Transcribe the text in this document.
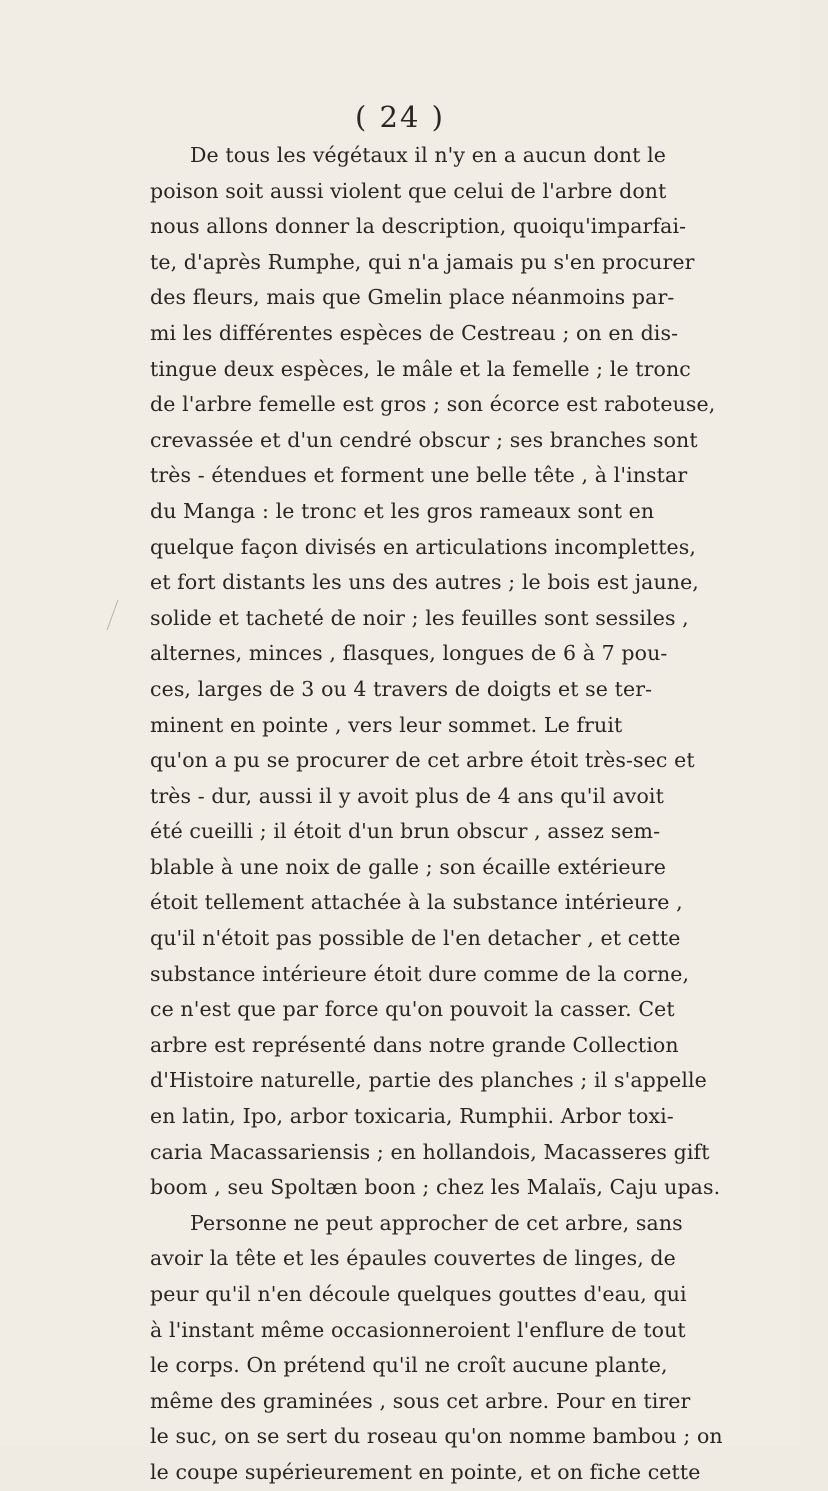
( 24 )
De tous les végétaux il n'y en a aucun dont le
poison soit aussi violent que celui de l'arbre dont
nous allons donner la description, quoiqu'imparfai-
te, d'après Rumphe, qui n'a jamais pu s'en procurer
des fleurs, mais que Gmelin place néanmoins par-
mi les différentes espèces de Cestreau ; on en dis-
tingue deux espèces, le mâle et la femelle ; le tronc
de l'arbre femelle est gros ; son écorce est raboteuse,
crevassée et d'un cendré obscur ; ses branches sont
très - étendues et forment une belle tête , à l'instar
du Manga : le tronc et les gros rameaux sont en
quelque façon divisés en articulations incomplettes,
et fort distants les uns des autres ; le bois est jaune,
solide et tacheté de noir ; les feuilles sont sessiles ,
alternes, minces , flasques, longues de 6 à 7 pou-
ces, larges de 3 ou 4 travers de doigts et se ter-
minent en pointe , vers leur sommet. Le fruit
qu'on a pu se procurer de cet arbre étoit très-sec et
très - dur, aussi il y avoit plus de 4 ans qu'il avoit
été cueilli ; il étoit d'un brun obscur , assez sem-
blable à une noix de galle ; son écaille extérieure
étoit tellement attachée à la substance intérieure ,
qu'il n'étoit pas possible de l'en detacher , et cette
substance intérieure étoit dure comme de la corne,
ce n'est que par force qu'on pouvoit la casser. Cet
arbre est représenté dans notre grande Collection
d'Histoire naturelle, partie des planches ; il s'appelle
en latin, Ipo, arbor toxicaria, Rumphii. Arbor toxi-
caria Macassariensis ; en hollandois, Macasseres gift
boom , seu Spoltæn boon ; chez les Malaïs, Caju upas.
Personne ne peut approcher de cet arbre, sans
avoir la tête et les épaules couvertes de linges, de
peur qu'il n'en découle quelques gouttes d'eau, qui
à l'instant même occasionneroient l'enflure de tout
le corps. On prétend qu'il ne croît aucune plante,
même des graminées , sous cet arbre. Pour en tirer
le suc, on se sert du roseau qu'on nomme bambou ; on
le coupe supérieurement en pointe, et on fiche cette
